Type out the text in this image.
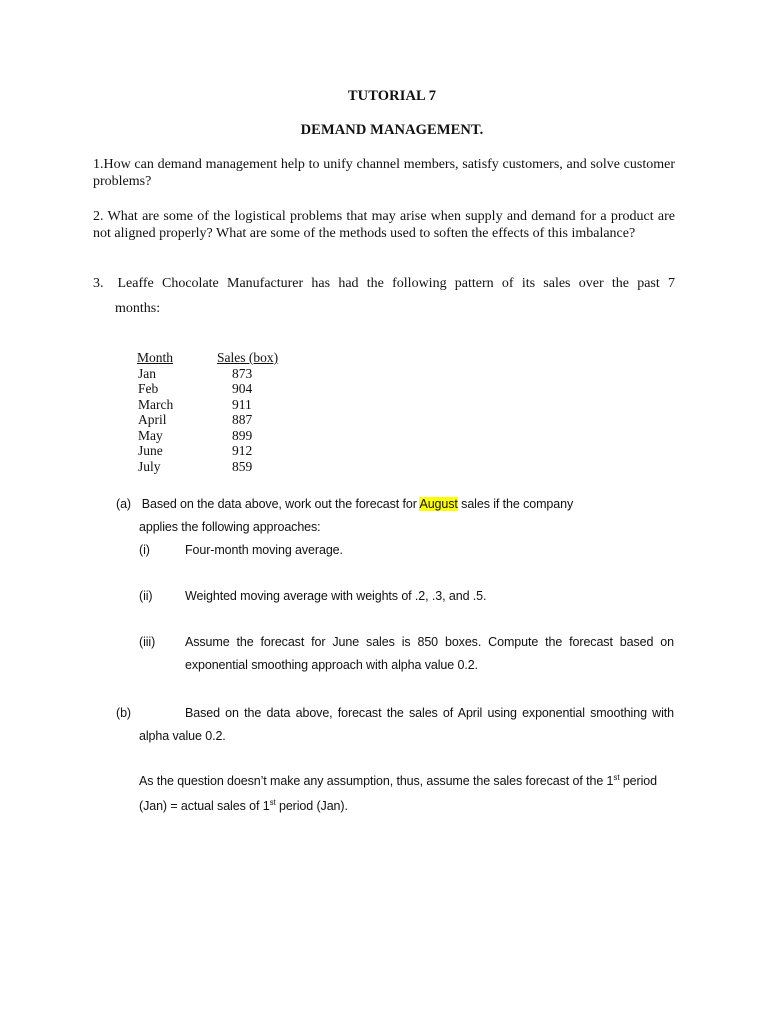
TUTORIAL 7
DEMAND MANAGEMENT.
1.How can demand management help to unify channel members, satisfy customers, and solve customer problems?
2. What are some of the logistical problems that may arise when supply and demand for a product are not aligned properly? What are some of the methods used to soften the effects of this imbalance?
3. Leaffe Chocolate Manufacturer has had the following pattern of its sales over the past 7
months:
Month	Sales (box)
Jan	873
Feb	904
March	911
April	887
May	899
June	912
July	859
(a) Based on the data above, work out the forecast for August sales if the company
applies the following approaches:
(i)	Four-month moving average.
(ii)	Weighted moving average with weights of .2, .3, and .5.
(iii) Assume the forecast for June sales is 850 boxes. Compute the forecast based on
exponential smoothing approach with alpha value 0.2.
(b)	Based on the data above, forecast the sales of April using exponential smoothing with
alpha value 0.2.
As the question doesn’t make any assumption, thus, assume the sales forecast of the 1st period
(Jan) = actual sales of 1st period (Jan).
